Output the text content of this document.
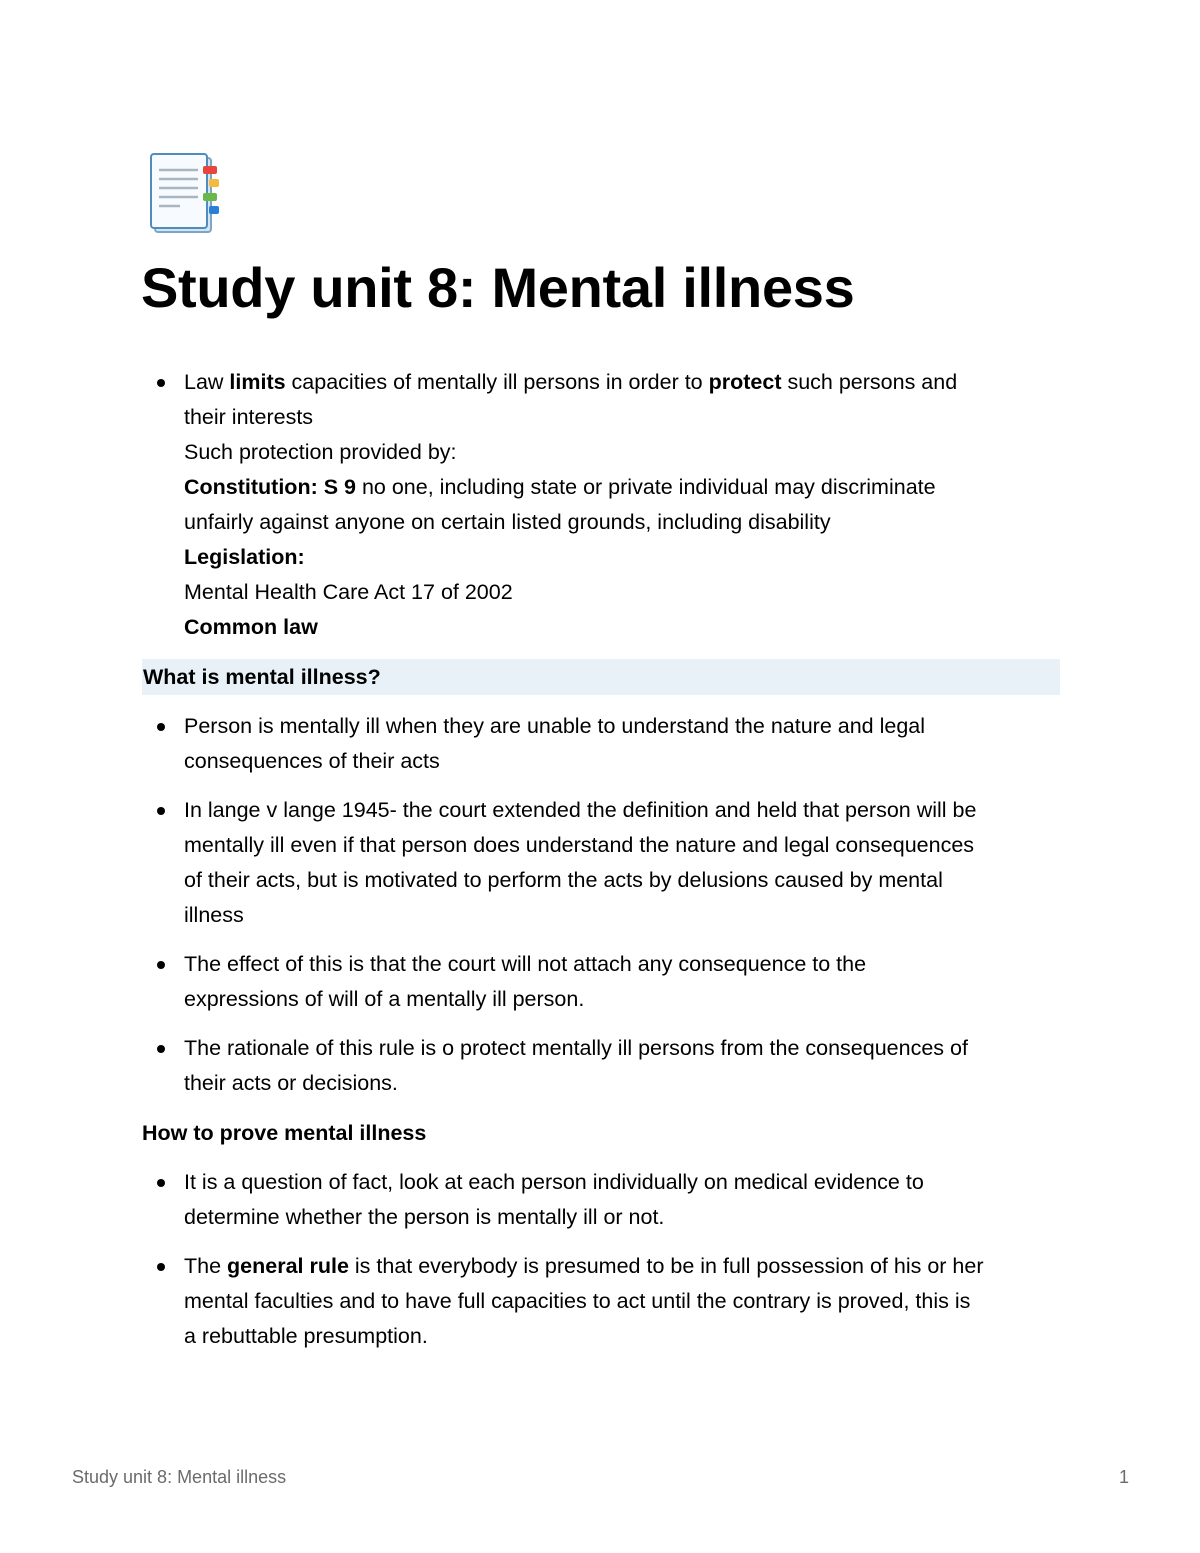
Study unit 8: Mental illness
Law limits capacities of mentally ill persons in order to protect such persons and
their interests
Such protection provided by:
Constitution: S 9 no one, including state or private individual may discriminate
unfairly against anyone on certain listed grounds, including disability
Legislation:
Mental Health Care Act 17 of 2002
Common law
What is mental illness?
Person is mentally ill when they are unable to understand the nature and legal
consequences of their acts
In lange v lange 1945- the court extended the definition and held that person will be
mentally ill even if that person does understand the nature and legal consequences
of their acts, but is motivated to perform the acts by delusions caused by mental
illness
The effect of this is that the court will not attach any consequence to the
expressions of will of a mentally ill person.
The rationale of this rule is o protect mentally ill persons from the consequences of
their acts or decisions.
How to prove mental illness
It is a question of fact, look at each person individually on medical evidence to
determine whether the person is mentally ill or not.
The general rule is that everybody is presumed to be in full possession of his or her
mental faculties and to have full capacities to act until the contrary is proved, this is
a rebuttable presumption.
Study unit 8: Mental illness	1
